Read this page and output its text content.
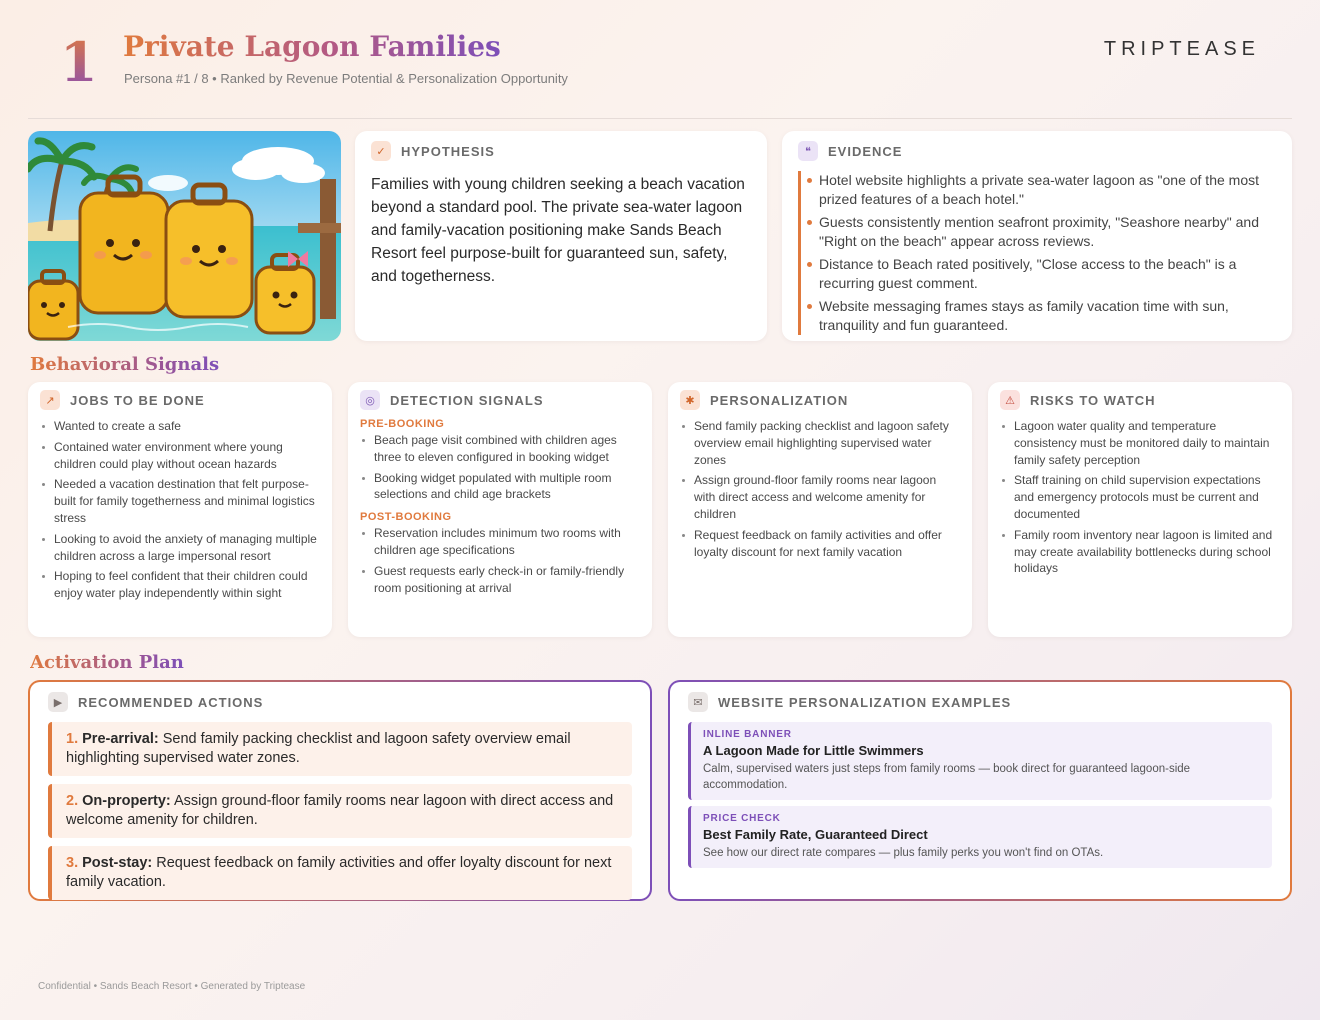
1 Private Lagoon Families
Persona #1 / 8 • Ranked by Revenue Potential & Personalization Opportunity
TRIPTEASE
✓	HYPOTHESIS
Families with young children seeking a beach vacation beyond a standard pool. The private sea-water lagoon and family-vacation positioning make Sands Beach Resort feel purpose-built for guaranteed sun, safety, and togetherness.
❝	EVIDENCE
Hotel website highlights a private sea-water lagoon as "one of the most prized features of a beach hotel."
Guests consistently mention seafront proximity, "Seashore nearby" and "Right on the beach" appear across reviews.
Distance to Beach rated positively, "Close access to the beach" is a recurring guest comment.
Website messaging frames stays as family vacation time with sun, tranquility and fun guaranteed.
Behavioral Signals
↗	JOBS TO BE DONE
Wanted to create a safe
Contained water environment where young children could play without ocean hazards
Needed a vacation destination that felt purpose-built for family togetherness and minimal logistics stress
Looking to avoid the anxiety of managing multiple children across a large impersonal resort
Hoping to feel confident that their children could enjoy water play independently within sight
◎	DETECTION SIGNALS
PRE-BOOKING
Beach page visit combined with children ages three to eleven configured in booking widget
Booking widget populated with multiple room selections and child age brackets
POST-BOOKING
Reservation includes minimum two rooms with children age specifications
Guest requests early check-in or family-friendly room positioning at arrival
✱	PERSONALIZATION
Send family packing checklist and lagoon safety overview email highlighting supervised water zones
Assign ground-floor family rooms near lagoon with direct access and welcome amenity for children
Request feedback on family activities and offer loyalty discount for next family vacation
⚠	RISKS TO WATCH
Lagoon water quality and temperature consistency must be monitored daily to maintain family safety perception
Staff training on child supervision expectations and emergency protocols must be current and documented
Family room inventory near lagoon is limited and may create availability bottlenecks during school holidays
Activation Plan
▶	RECOMMENDED ACTIONS
1. Pre-arrival: Send family packing checklist and lagoon safety overview email highlighting supervised water zones.
2. On-property: Assign ground-floor family rooms near lagoon with direct access and welcome amenity for children.
3. Post-stay: Request feedback on family activities and offer loyalty discount for next family vacation.
✉	WEBSITE PERSONALIZATION EXAMPLES
INLINE BANNER
A Lagoon Made for Little Swimmers
Calm, supervised waters just steps from family rooms — book direct for guaranteed lagoon-side accommodation.
PRICE CHECK
Best Family Rate, Guaranteed Direct
See how our direct rate compares — plus family perks you won't find on OTAs.
Confidential • Sands Beach Resort • Generated by Triptease
